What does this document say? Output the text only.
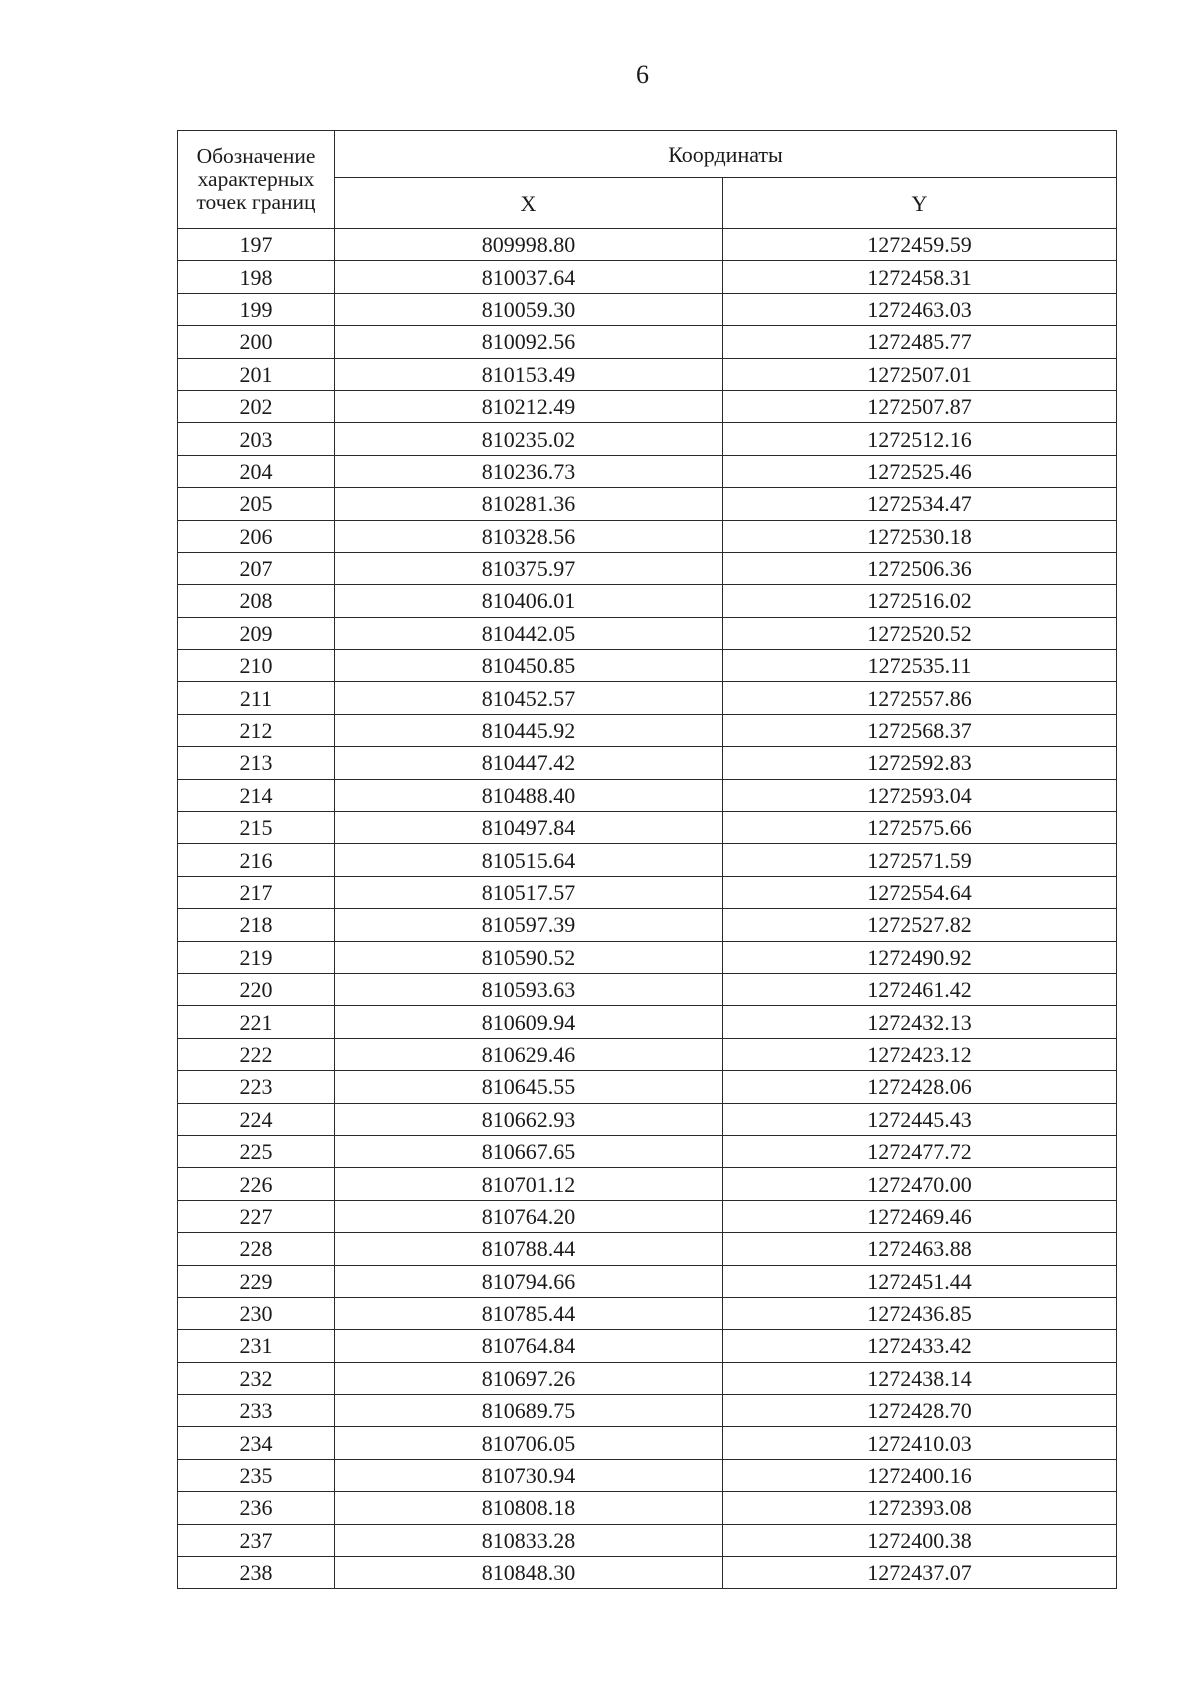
6
Обозначение
характерных
точек границ	Координаты	
	X	Y
197	809998.80	1272459.59
198	810037.64	1272458.31
199	810059.30	1272463.03
200	810092.56	1272485.77
201	810153.49	1272507.01
202	810212.49	1272507.87
203	810235.02	1272512.16
204	810236.73	1272525.46
205	810281.36	1272534.47
206	810328.56	1272530.18
207	810375.97	1272506.36
208	810406.01	1272516.02
209	810442.05	1272520.52
210	810450.85	1272535.11
211	810452.57	1272557.86
212	810445.92	1272568.37
213	810447.42	1272592.83
214	810488.40	1272593.04
215	810497.84	1272575.66
216	810515.64	1272571.59
217	810517.57	1272554.64
218	810597.39	1272527.82
219	810590.52	1272490.92
220	810593.63	1272461.42
221	810609.94	1272432.13
222	810629.46	1272423.12
223	810645.55	1272428.06
224	810662.93	1272445.43
225	810667.65	1272477.72
226	810701.12	1272470.00
227	810764.20	1272469.46
228	810788.44	1272463.88
229	810794.66	1272451.44
230	810785.44	1272436.85
231	810764.84	1272433.42
232	810697.26	1272438.14
233	810689.75	1272428.70
234	810706.05	1272410.03
235	810730.94	1272400.16
236	810808.18	1272393.08
237	810833.28	1272400.38
238	810848.30	1272437.07
